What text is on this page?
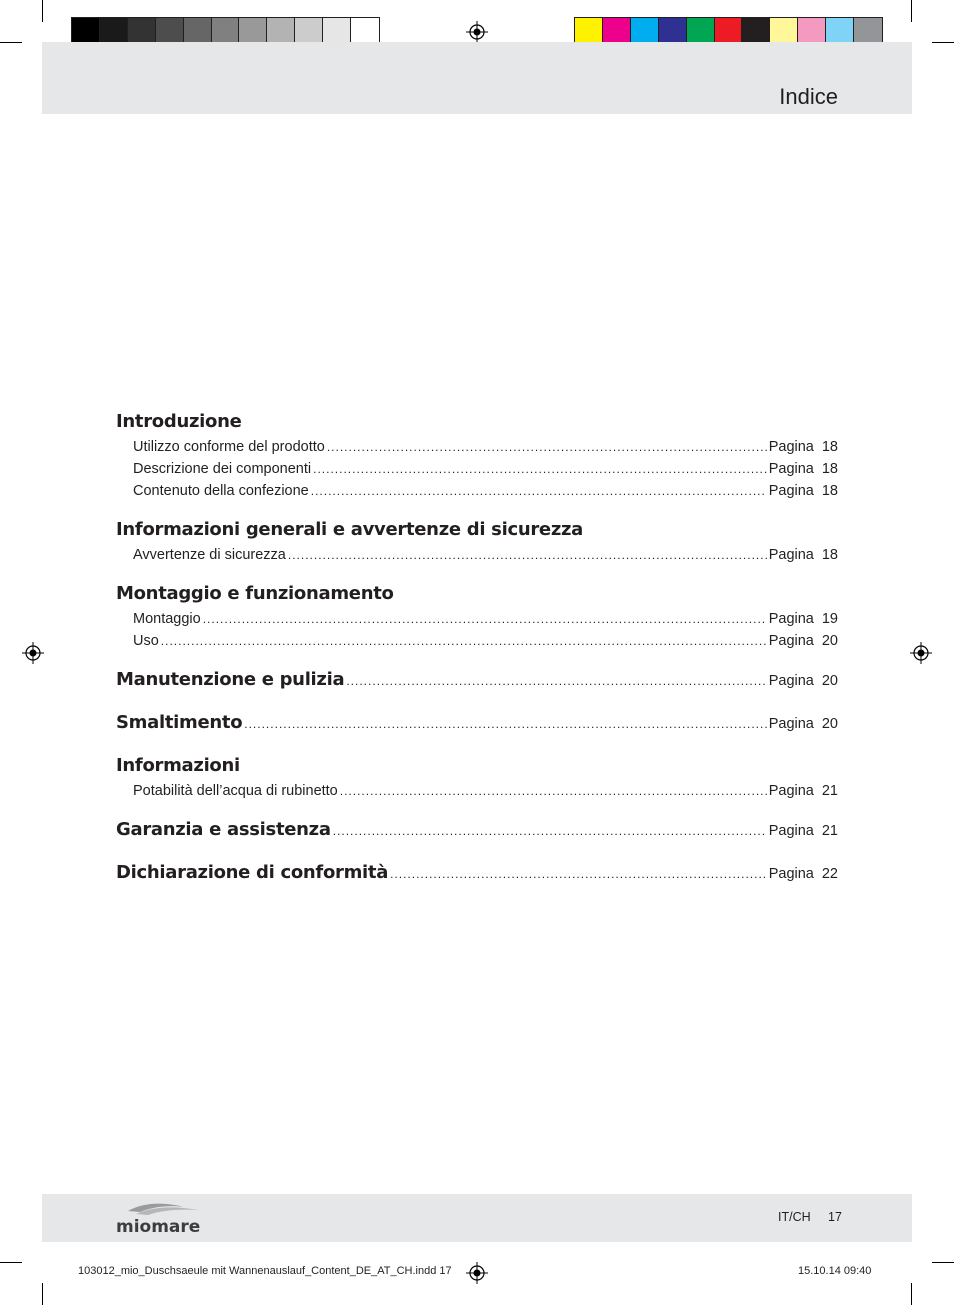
Indice
Introduzione
Utilizzo conforme del prodotto .....	Pagina 18
Descrizione dei componenti .....	Pagina 18
Contenuto della confezione .....	Pagina 18
Informazioni generali e avvertenze di sicurezza
Avvertenze di sicurezza .....	Pagina 18
Montaggio e funzionamento
Montaggio .....	Pagina 19
Uso .....	Pagina 20
Manutenzione e pulizia .....	Pagina 20
Smaltimento .....	Pagina 20
Informazioni
Potabilità dell’acqua di rubinetto .....	Pagina 21
Garanzia e assistenza .....	Pagina 21
Dichiarazione di conformità .....	Pagina 22
miomare	IT/CH 17
103012_mio_Duschsaeule mit Wannenauslauf_Content_DE_AT_CH.indd 17	15.10.14 09:40
